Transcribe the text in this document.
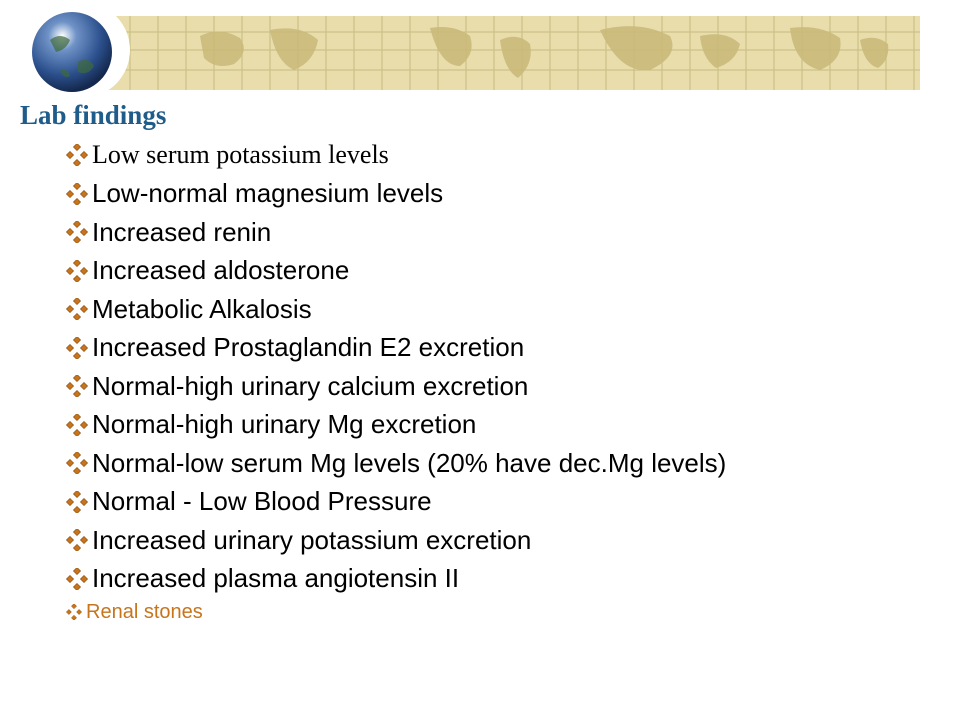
Lab findings
Low serum potassium levels
Low-normal magnesium levels
Increased renin
Increased aldosterone
Metabolic Alkalosis
Increased Prostaglandin E2 excretion
Normal-high urinary calcium excretion
Normal-high urinary Mg excretion
Normal-low serum Mg levels (20% have dec.Mg levels)
Normal - Low Blood Pressure
Increased urinary potassium excretion
Increased plasma angiotensin II
Renal stones
